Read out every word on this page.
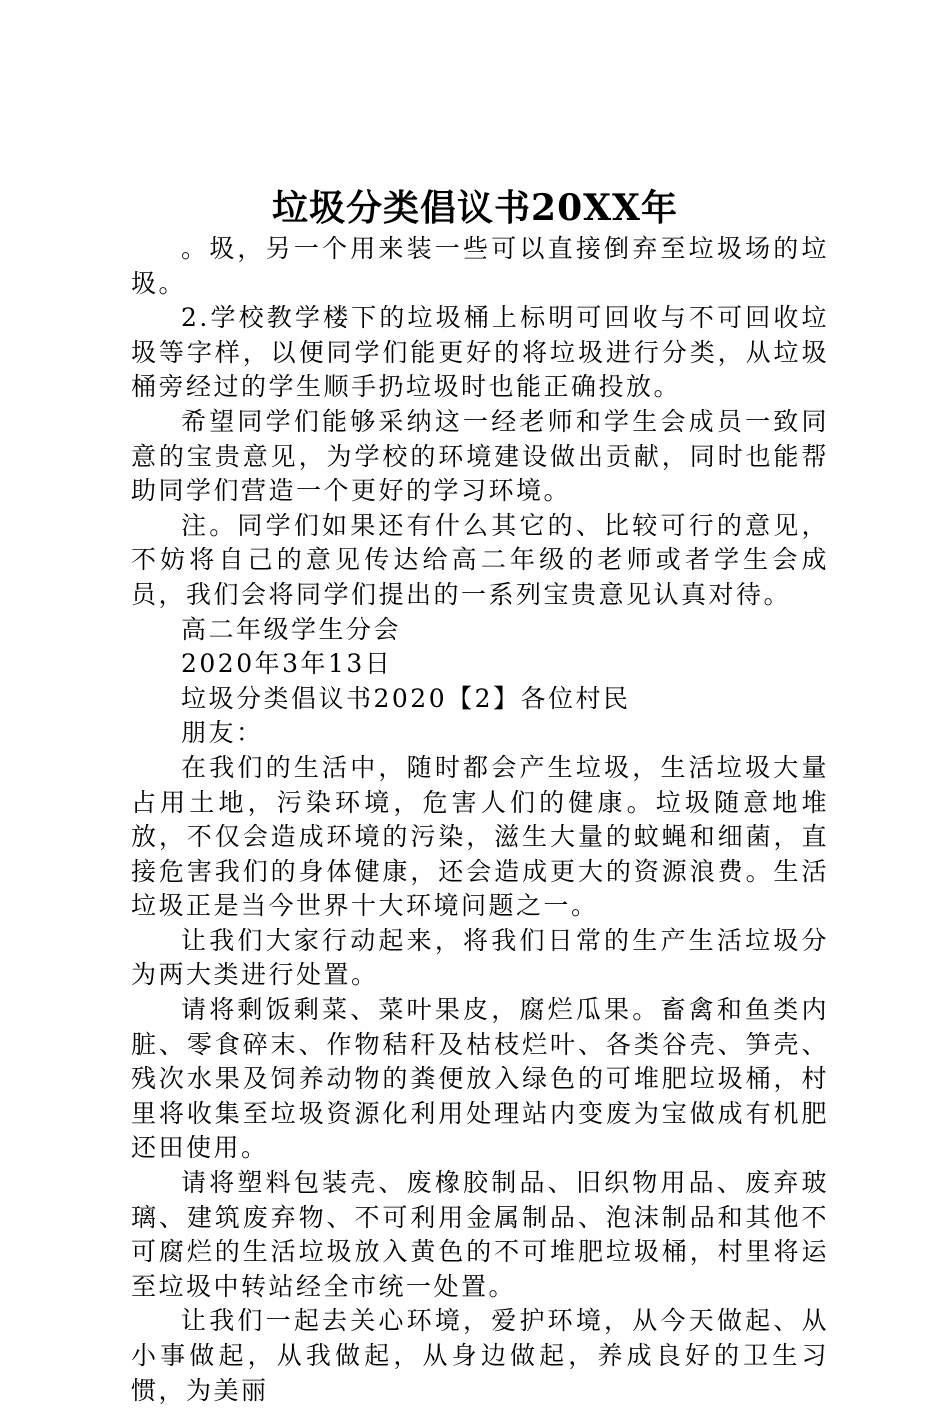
垃圾分类倡议书20XX年

。圾，另一个用来装一些可以直接倒弃至垃圾场的垃圾。

2.学校教学楼下的垃圾桶上标明可回收与不可回收垃圾等字样，以便同学们能更好的将垃圾进行分类，从垃圾桶旁经过的学生顺手扔垃圾时也能正确投放。

希望同学们能够采纳这一经老师和学生会成员一致同意的宝贵意见，为学校的环境建设做出贡献，同时也能帮助同学们营造一个更好的学习环境。

注。同学们如果还有什么其它的、比较可行的意见，不妨将自己的意见传达给高二年级的老师或者学生会成员，我们会将同学们提出的一系列宝贵意见认真对待。

高二年级学生分会

2020年3年13日

垃圾分类倡议书2020【2】各位村民

朋友：

在我们的生活中，随时都会产生垃圾，生活垃圾大量占用土地，污染环境，危害人们的健康。垃圾随意地堆放，不仅会造成环境的污染，滋生大量的蚊蝇和细菌，直接危害我们的身体健康，还会造成更大的资源浪费。生活垃圾正是当今世界十大环境问题之一。

让我们大家行动起来，将我们日常的生产生活垃圾分为两大类进行处置。

请将剩饭剩菜、菜叶果皮，腐烂瓜果。畜禽和鱼类内脏、零食碎末、作物秸秆及枯枝烂叶、各类谷壳、笋壳、残次水果及饲养动物的粪便放入绿色的可堆肥垃圾桶，村里将收集至垃圾资源化利用处理站内变废为宝做成有机肥还田使用。

请将塑料包装壳、废橡胶制品、旧织物用品、废弃玻璃、建筑废弃物、不可利用金属制品、泡沫制品和其他不可腐烂的生活垃圾放入黄色的不可堆肥垃圾桶，村里将运至垃圾中转站经全市统一处置。

让我们一起去关心环境，爱护环境，从今天做起、从小事做起，从我做起，从身边做起，养成良好的卫生习惯，为美丽
